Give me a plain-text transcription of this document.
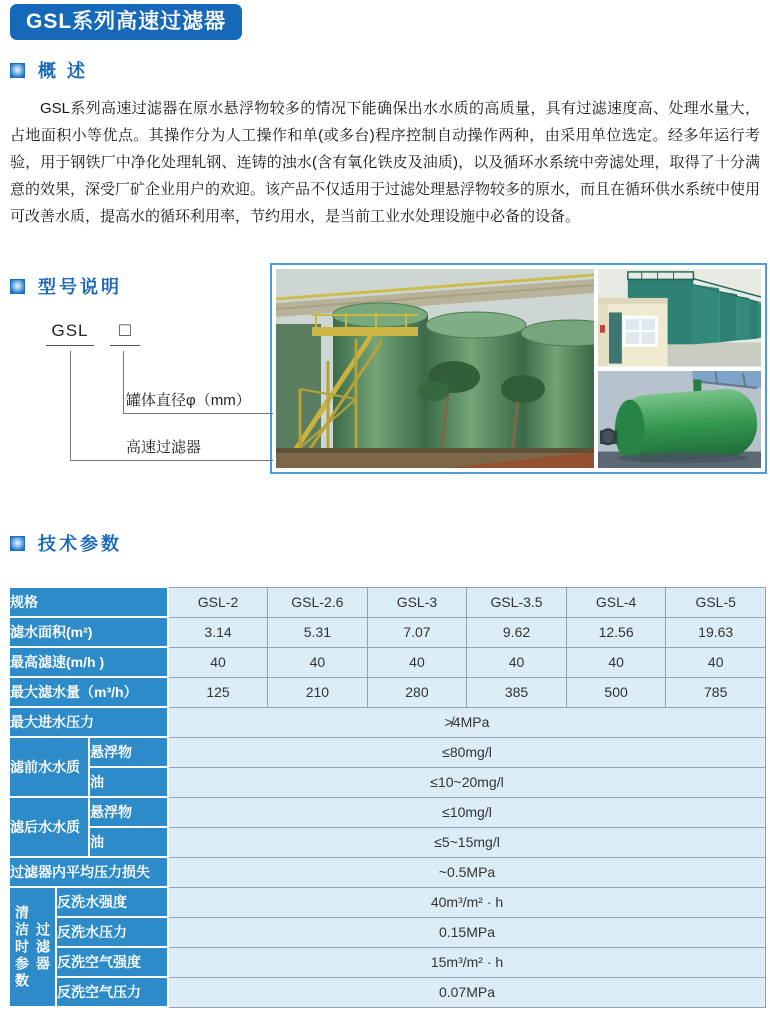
GSL系列高速过滤器
概 述

GSL系列高速过滤器在原水悬浮物较多的情况下能确保出水水质的高质量，具有过滤速度高、处理水量大，占地面积小等优点。其操作分为人工操作和单(或多台)程序控制自动操作两种，由采用单位选定。经多年运行考验，用于钢铁厂中净化处理轧钢、连铸的浊水(含有氧化铁皮及油质)，以及循环水系统中旁滤处理，取得了十分满意的效果，深受厂矿企业用户的欢迎。该产品不仅适用于过滤处理悬浮物较多的原水，而且在循环供水系统中使用可改善水质，提高水的循环利用率，节约用水，是当前工业水处理设施中必备的设备。

型号说明
GSL	□
罐体直径φ（mm）
高速过滤器
技术参数
规格			GSL-2	GSL-2.6	GSL-3	GSL-3.5	GSL-4	GSL-5
滤水面积(m²)			3.14	5.31	7.07	9.62	12.56	19.63
最高滤速(m/h )			40	40	40	40	40	40
最大滤水量（m³/h）			125	210	280	385	500	785
最大进水压力			≯4MPa					
滤前水水质		悬浮物	≤80mg/l					
		油	≤10~20mg/l					
滤后水水质		悬浮物	≤10mg/l					
		油	≤5~15mg/l					
过滤器内平均压力损失			~0.5MPa					

清洁时参数 过滤器	反洗水强度		40m³/m² · h					
	反洗水压力		0.15MPa					
	反洗空气强度		15m³/m² · h					
	反洗空气压力		0.07MPa					
